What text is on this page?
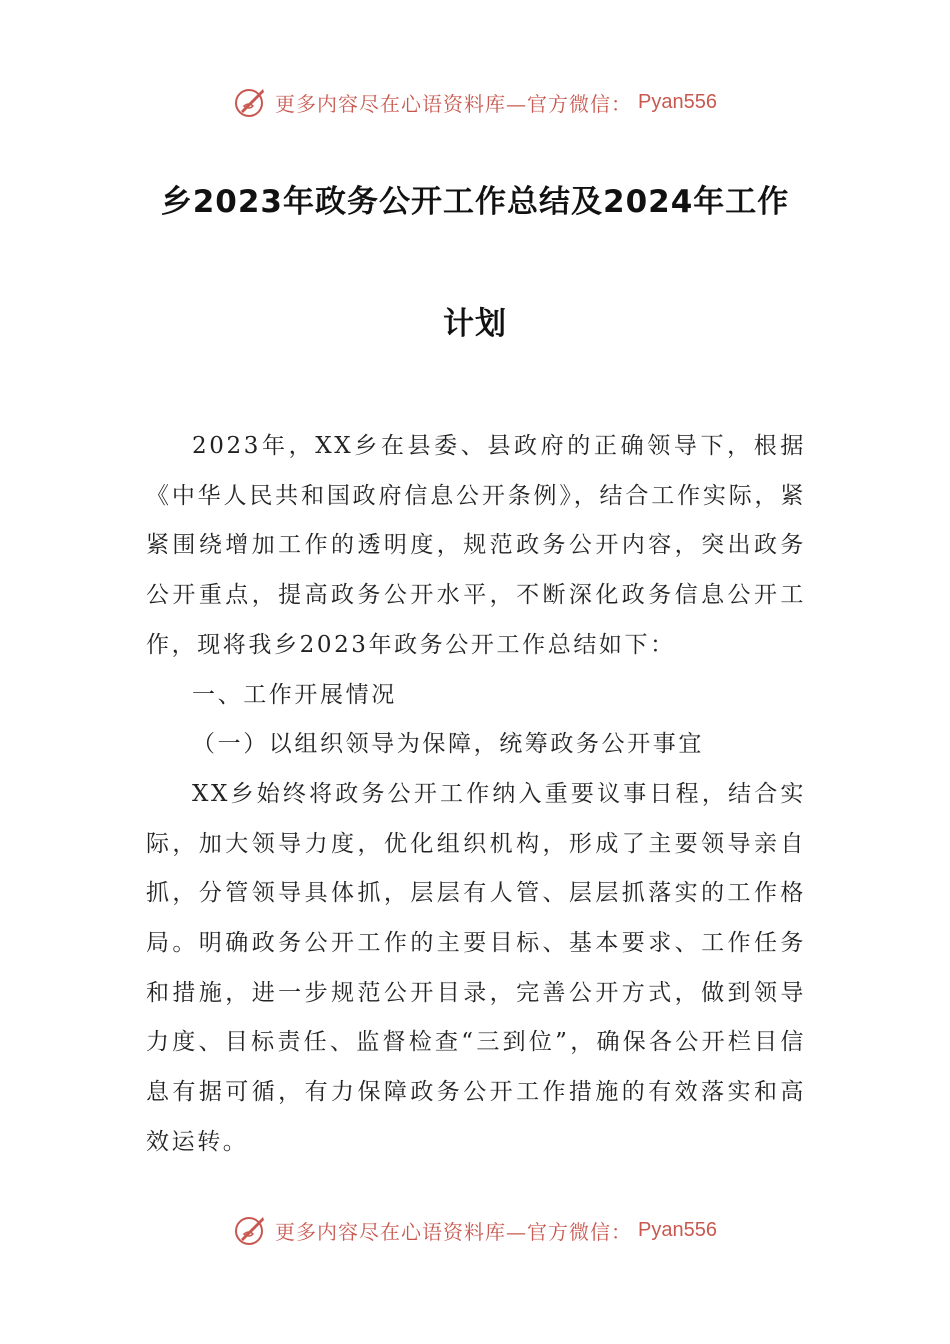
更多内容尽在心语资料库—官方微信： Pyan556
乡2023年政务公开工作总结及2024年工作
计划

2023年，XX乡在县委、县政府的正确领导下，根据《中华人民共和国政府信息公开条例》，结合工作实际，紧紧围绕增加工作的透明度，规范政务公开内容，突出政务公开重点，提高政务公开水平，不断深化政务信息公开工作，现将我乡2023年政务公开工作总结如下：

一、工作开展情况

（一）以组织领导为保障，统筹政务公开事宜

XX乡始终将政务公开工作纳入重要议事日程，结合实际，加大领导力度，优化组织机构，形成了主要领导亲自抓，分管领导具体抓，层层有人管、层层抓落实的工作格局。明确政务公开工作的主要目标、基本要求、工作任务和措施，进一步规范公开目录，完善公开方式，做到领导力度、目标责任、监督检查“三到位”，确保各公开栏目信息有据可循，有力保障政务公开工作措施的有效落实和高效运转。

更多内容尽在心语资料库—官方微信： Pyan556
